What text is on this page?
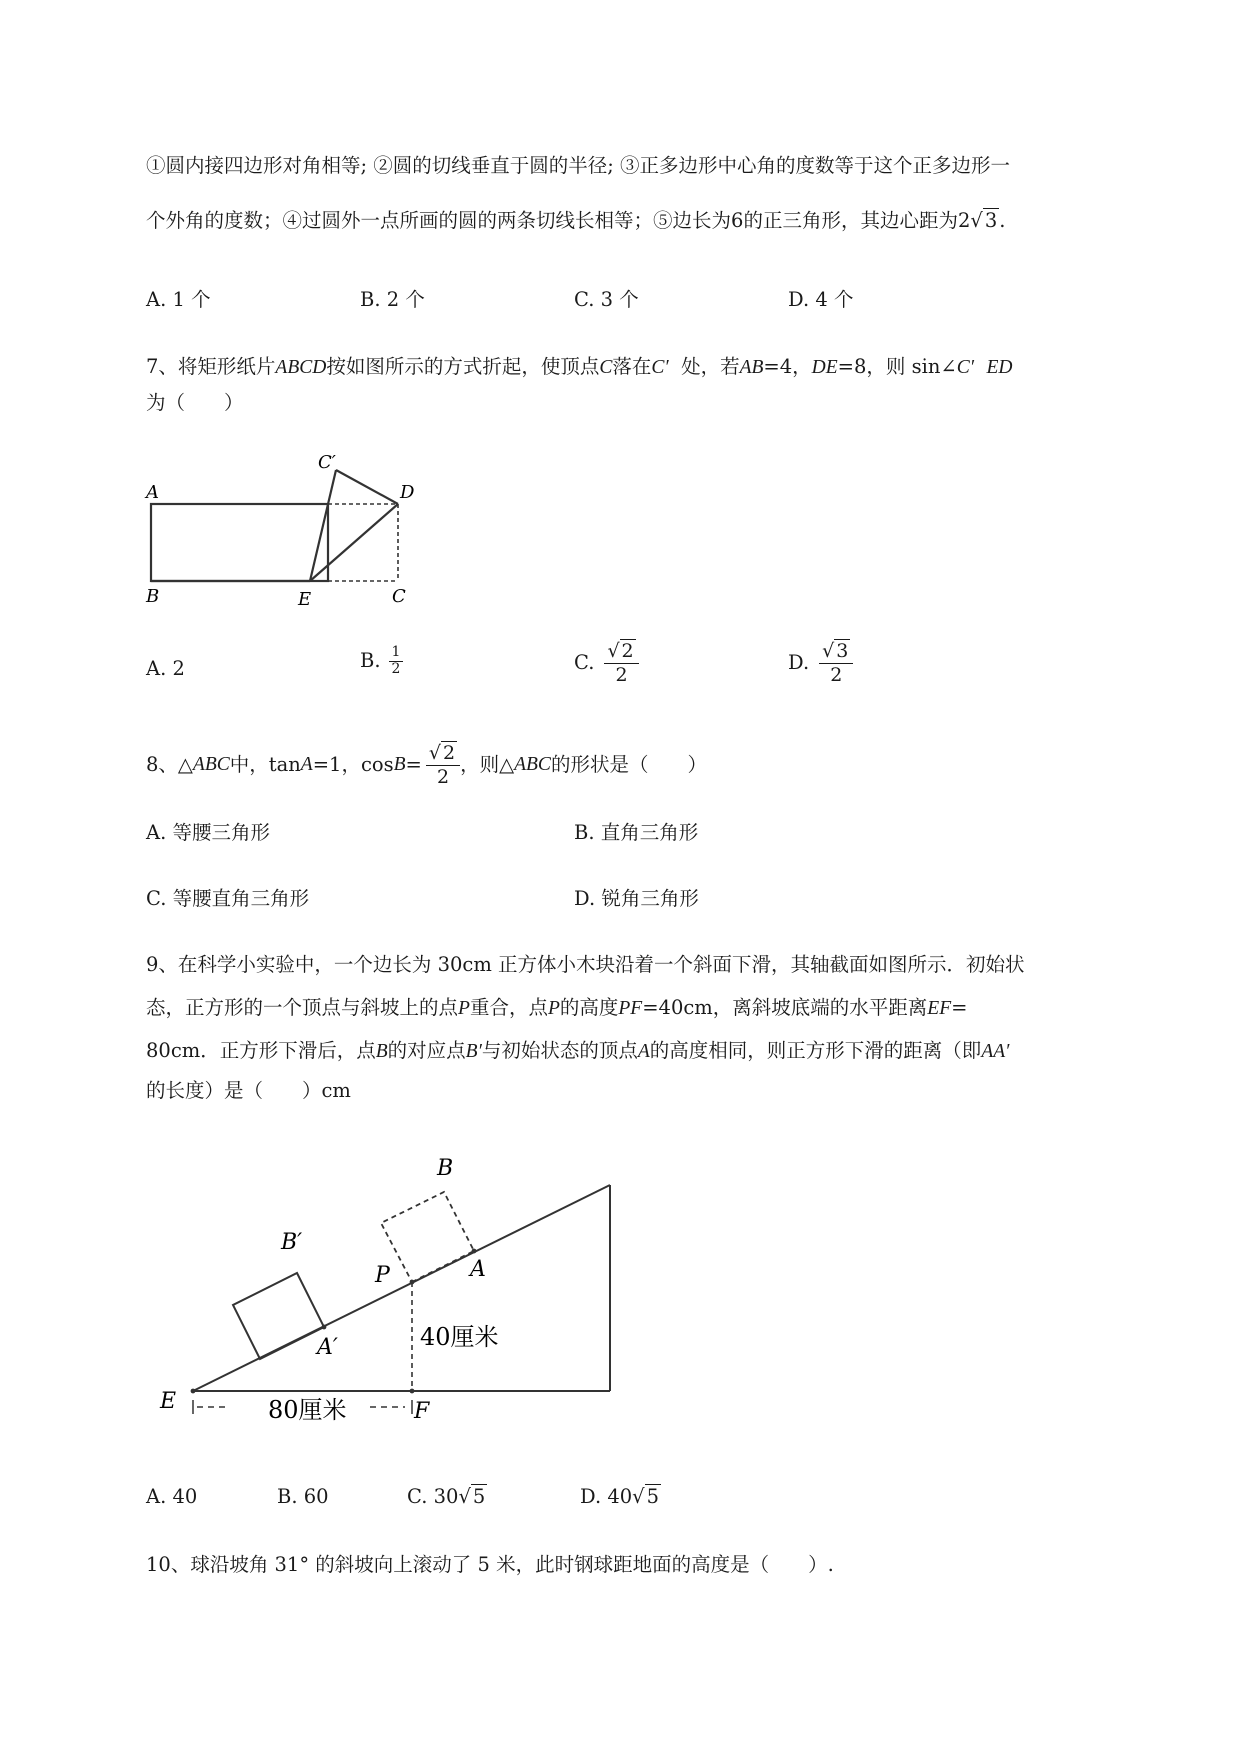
①圆内接四边形对角相等; ②圆的切线垂直于圆的半径; ③正多边形中心角的度数等于这个正多边形一
个外角的度数；④过圆外一点所画的圆的两条切线长相等；⑤边长为6的正三角形，其边心距为2√ 3 .
A. 1 个	B. 2 个	C. 3 个	D. 4 个
7、将矩形纸片ABCD按如图所示的方式折起，使顶点C落在C′ 处，若AB=4，DE=8，则 sin∠C′ ED
为（　　）
A
B	E	C
D
C′
A. 2	B. $\frac{1}{2}$	C. $\frac{√ 2}{2}$	D. $\frac{√ 3}{2}$
8、△ABC中，tanA=1，$\cos B= \frac{√ 2}{2}$ ，则△ABC的形状是（　　）
A. 等腰三角形	B. 直角三角形
C. 等腰直角三角形	D. 锐角三角形
9、在科学小实验中，一个边长为 30cm 正方体小木块沿着一个斜面下滑，其轴截面如图所示．初始状
态，正方形的一个顶点与斜坡上的点P重合，点P的高度PF=40cm，离斜坡底端的水平距离EF=
80cm．正方形下滑后，点B的对应点B′与初始状态的顶点A的高度相同，则正方形下滑的距离（即AA′
的长度）是（　　）cm
B
B′
P	A
A′
E	F
40厘米
80厘米
A. 40	B. 60	C. 30√ 5	D. 40√ 5
10、球沿坡角 31° 的斜坡向上滚动了 5 米，此时钢球距地面的高度是（　　）.
